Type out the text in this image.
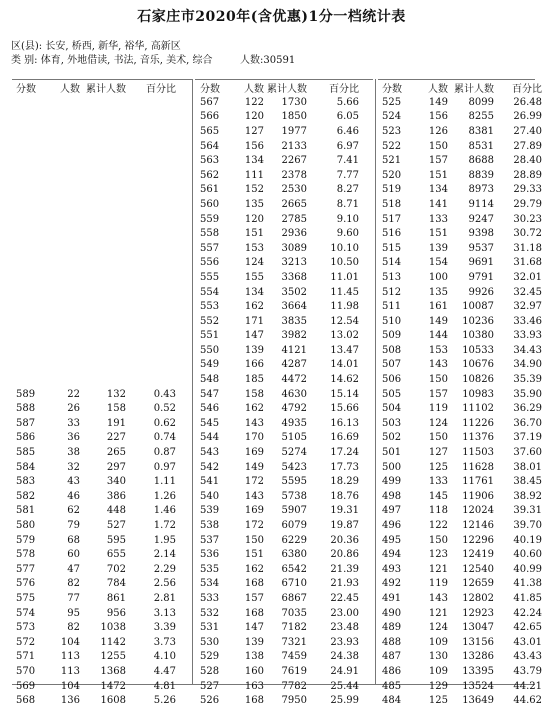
石家庄市2020年(含优惠)1分一档统计表
区(县): 长安, 桥西, 新华, 裕华, 高新区
类 别: 体育, 外地借读, 书法, 音乐, 美术, 综合	人数:30591
分数	人数	累计人数	百分比

589	22	132	0.43
588	26	158	0.52
587	33	191	0.62
586	36	227	0.74
585	38	265	0.87
584	32	297	0.97
583	43	340	1.11
582	46	386	1.26
581	62	448	1.46
580	79	527	1.72
579	68	595	1.95
578	60	655	2.14
577	47	702	2.29
576	82	784	2.56
575	77	861	2.81
574	95	956	3.13
573	82	1038	3.39
572	104	1142	3.73
571	113	1255	4.10
570	113	1368	4.47
569	104	1472	4.81
568	136	1608	5.26
分数	人数	累计人数	百分比
567	122	1730	5.66
566	120	1850	6.05
565	127	1977	6.46
564	156	2133	6.97
563	134	2267	7.41
562	111	2378	7.77
561	152	2530	8.27
560	135	2665	8.71
559	120	2785	9.10
558	151	2936	9.60
557	153	3089	10.10
556	124	3213	10.50
555	155	3368	11.01
554	134	3502	11.45
553	162	3664	11.98
552	171	3835	12.54
551	147	3982	13.02
550	139	4121	13.47
549	166	4287	14.01
548	185	4472	14.62
547	158	4630	15.14
546	162	4792	15.66
545	143	4935	16.13
544	170	5105	16.69
543	169	5274	17.24
542	149	5423	17.73
541	172	5595	18.29
540	143	5738	18.76
539	169	5907	19.31
538	172	6079	19.87
537	150	6229	20.36
536	151	6380	20.86
535	162	6542	21.39
534	168	6710	21.93
533	157	6867	22.45
532	168	7035	23.00
531	147	7182	23.48
530	139	7321	23.93
529	138	7459	24.38
528	160	7619	24.91
527	163	7782	25.44
526	168	7950	25.99
分数	人数	累计人数	百分比
525	149	8099	26.48
524	156	8255	26.99
523	126	8381	27.40
522	150	8531	27.89
521	157	8688	28.40
520	151	8839	28.89
519	134	8973	29.33
518	141	9114	29.79
517	133	9247	30.23
516	151	9398	30.72
515	139	9537	31.18
514	154	9691	31.68
513	100	9791	32.01
512	135	9926	32.45
511	161	10087	32.97
510	149	10236	33.46
509	144	10380	33.93
508	153	10533	34.43
507	143	10676	34.90
506	150	10826	35.39
505	157	10983	35.90
504	119	11102	36.29
503	124	11226	36.70
502	150	11376	37.19
501	127	11503	37.60
500	125	11628	38.01
499	133	11761	38.45
498	145	11906	38.92
497	118	12024	39.31
496	122	12146	39.70
495	150	12296	40.19
494	123	12419	40.60
493	121	12540	40.99
492	119	12659	41.38
491	143	12802	41.85
490	121	12923	42.24
489	124	13047	42.65
488	109	13156	43.01
487	130	13286	43.43
486	109	13395	43.79
485	129	13524	44.21
484	125	13649	44.62
